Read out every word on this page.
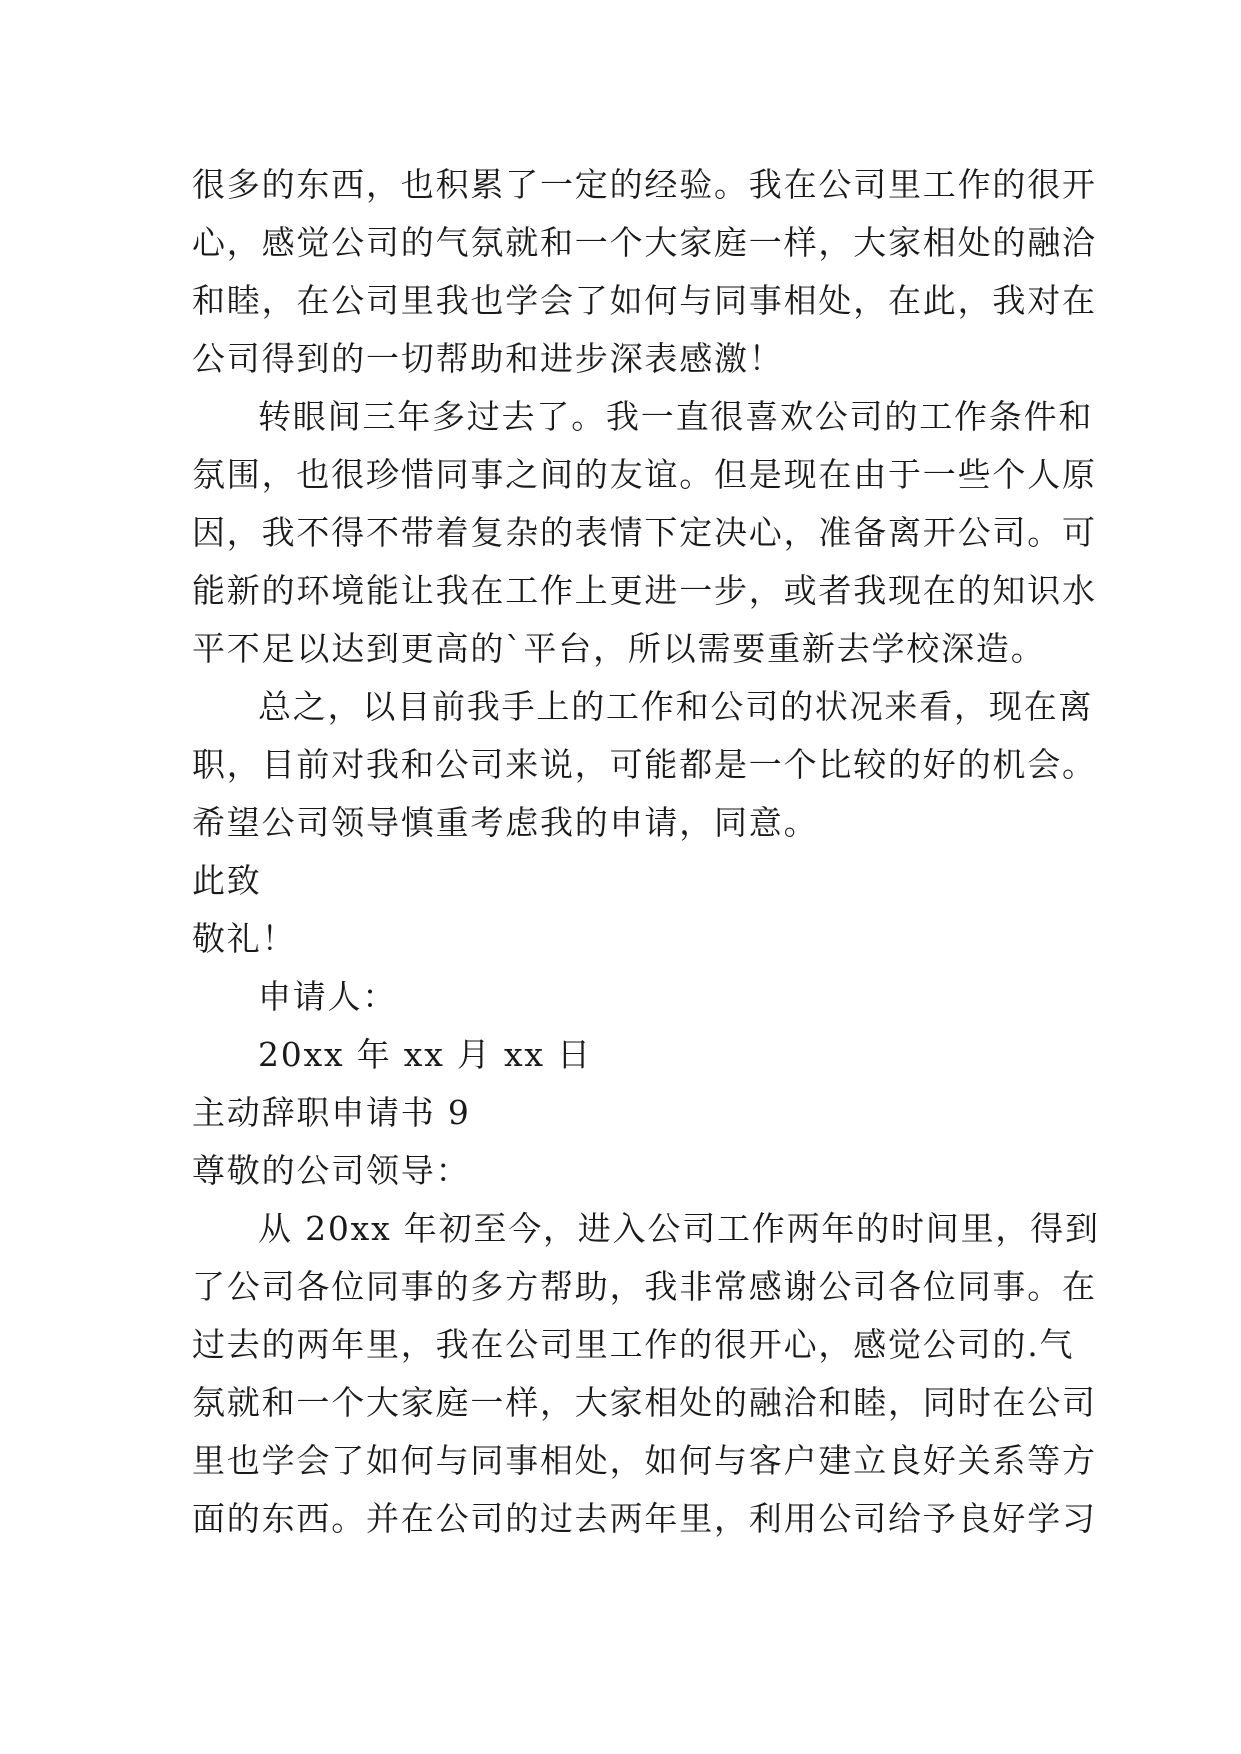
很多的东西，也积累了一定的经验。我在公司里工作的很开
心，感觉公司的气氛就和一个大家庭一样，大家相处的融洽
和睦，在公司里我也学会了如何与同事相处，在此，我对在
公司得到的一切帮助和进步深表感激！
转眼间三年多过去了。我一直很喜欢公司的工作条件和
氛围，也很珍惜同事之间的友谊。但是现在由于一些个人原
因，我不得不带着复杂的表情下定决心，准备离开公司。可
能新的环境能让我在工作上更进一步，或者我现在的知识水
平不足以达到更高的`平台，所以需要重新去学校深造。
总之，以目前我手上的工作和公司的状况来看，现在离
职，目前对我和公司来说，可能都是一个比较的好的机会。
希望公司领导慎重考虑我的申请，同意。
此致
敬礼！
申请人：
20xx 年 xx 月 xx 日
主动辞职申请书 9
尊敬的公司领导：
从 20xx 年初至今，进入公司工作两年的时间里，得到
了公司各位同事的多方帮助，我非常感谢公司各位同事。在
过去的两年里，我在公司里工作的很开心，感觉公司的.气
氛就和一个大家庭一样，大家相处的融洽和睦，同时在公司
里也学会了如何与同事相处，如何与客户建立良好关系等方
面的东西。并在公司的过去两年里，利用公司给予良好学习
